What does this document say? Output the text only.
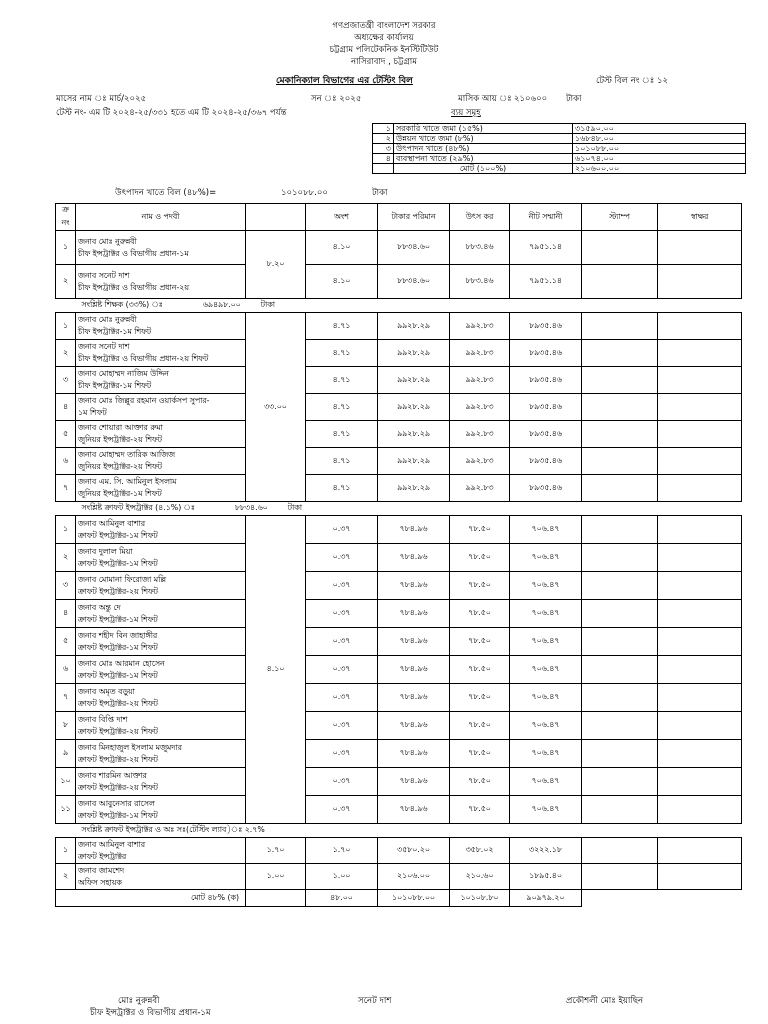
গণপ্রজাতন্ত্রী বাংলাদেশ সরকার
অধ্যক্ষের কার্যালয়
চট্টগ্রাম পলিটেকনিক ইনস্টিটিউট
নাসিরাবাদ , চট্টগ্রাম
মেকানিক্যাল বিভাগের এর টেস্টিং বিল	টেস্ট বিল নং ঃ ১২
মাসের নাম ঃ মার্চ/২০২৫	সন ঃ ২০২৫	মাসিক আয় ঃ ২১০৬০০ টাকা
টেস্ট নং- এম টি ২০২৪-২৫/৩৩১ হতে এম টি ২০২৪-২৫/৩৬৭ পর্যন্ত	ব্যয় সমূহ
১	সরকারি খাতে জমা (১৫%)	৩১৫৯০.০০
২	উন্নয়ন খাতে জমা (৮%)	১৬৮৪৮.০০
৩	উৎপাদন খাতে (৪৮%)	১০১০৮৮.০০
৪	ব্যবস্থাপনা খাতে (২৯%)	৬১০৭৪.০০
	মোট (১০০%)	২১০৬০০.০০
উৎপাদন খাতে বিল (৪৮%)=	১০১০৮৮.০০	টাকা
ক্র নং	নাম ও পদবী		অংশ	টাকার পরিমান	উৎস কর	নীট সম্মানী	স্ট্যাম্প	স্বাক্ষর
১	জনাব মোঃ নুরুন্নবী
চীফ ইন্সট্রাক্টর ও বিভাগীয় প্রধান-১ম	৮.২০	৪.১০	৮৮৩৪.৬০	৮৮৩.৪৬	৭৯৫১.১৪		
২	জনাব সনেট দাশ
চীফ ইন্সট্রাক্টর ও বিভাগীয় প্রধান-২য়		৪.১০	৮৮৩৪.৬০	৮৮৩.৪৬	৭৯৫১.১৪		
সংশ্লিষ্ট শিক্ষক (৩৩%) ঃ ৬৯৪৯৮.০০ টাকা								
১	জনাব মোঃ নুরুন্নবী
চীফ ইন্সট্রাক্টর-১ম শিফট	৩৩.০০	৪.৭১	৯৯২৮.২৯	৯৯২.৮৩	৮৯৩৫.৪৬		
২	জনাব সনেট দাশ
চীফ ইন্সট্রাক্টর ও বিভাগীয় প্রধান-২য় শিফট		৪.৭১	৯৯২৮.২৯	৯৯২.৮৩	৮৯৩৫.৪৬		
৩	জনাব মোহাম্মদ নাজিম উদ্দিন
চীফ ইন্সট্রাক্টর-১ম শিফট		৪.৭১	৯৯২৮.২৯	৯৯২.৮৩	৮৯৩৫.৪৬		
৪	জনাব মোঃ জিল্লুর রহমান ওয়ার্কসপ সুপার-
১ম শিফট		৪.৭১	৯৯২৮.২৯	৯৯২.৮৩	৮৯৩৫.৪৬		
৫	জনাব শোয়ারা আক্তার রুমা
জুনিয়র ইন্সট্রাক্টর-২য় শিফট		৪.৭১	৯৯২৮.২৯	৯৯২.৮৩	৮৯৩৫.৪৬		
৬	জনাব মোহাম্মদ তারিক আজিজ
জুনিয়র ইন্সট্রাক্টর-২য় শিফট		৪.৭১	৯৯২৮.২৯	৯৯২.৮৩	৮৯৩৫.৪৬		
৭	জনাব এম. সি. আমিনুল ইসলাম
জুনিয়র ইন্সট্রাক্টর-১ম শিফট		৪.৭১	৯৯২৮.২৯	৯৯২.৮৩	৮৯৩৫.৪৬		
সংশ্লিষ্ট ক্রাফট ইন্সট্রাক্টর (৪.১%) ঃ ৮৮৩৪.৬০ টাকা								
১	জনাব আমিনুল বাশার
ক্রাফট ইন্সট্রাক্টর-১ম শিফট	৪.১০	০.৩৭	৭৮৪.৯৬	৭৮.৫০	৭০৬.৪৭		
২	জনাব দুলাল মিয়া
ক্রাফট ইন্সট্রাক্টর-১ম শিফট		০.৩৭	৭৮৪.৯৬	৭৮.৫০	৭০৬.৪৭		
৩	জনাব মোমানা ফিরোজা মল্লি
ক্রাফট ইন্সট্রাক্টর-২য় শিফট		০.৩৭	৭৮৪.৯৬	৭৮.৫০	৭০৬.৪৭		
৪	জনাব অন্তু দে
ক্রাফট ইন্সট্রাক্টর-১ম শিফট		০.৩৭	৭৮৪.৯৬	৭৮.৫০	৭০৬.৪৭		
৫	জনাব শহীদ বিন জাহাঙ্গীর
ক্রাফট ইন্সট্রাক্টর-১ম শিফট		০.৩৭	৭৮৪.৯৬	৭৮.৫০	৭০৬.৪৭		
৬	জনাব মোঃ আরমান হোসেন
ক্রাফট ইন্সট্রাক্টর-১ম শিফট		০.৩৭	৭৮৪.৯৬	৭৮.৫০	৭০৬.৪৭		
৭	জনাব অমৃত বড়ুয়া
ক্রাফট ইন্সট্রাক্টর-২য় শিফট		০.৩৭	৭৮৪.৯৬	৭৮.৫০	৭০৬.৪৭		
৮	জনাব বিপ্তি দাশ
ক্রাফট ইন্সট্রাক্টর-২য় শিফট		০.৩৭	৭৮৪.৯৬	৭৮.৫০	৭০৬.৪৭		
৯	জনাব মিনহাজুল ইসলাম মজুমদার
ক্রাফট ইন্সট্রাক্টর-২য় শিফট		০.৩৭	৭৮৪.৯৬	৭৮.৫০	৭০৬.৪৭		
১০	জনাব শারমিন আক্তার
ক্রাফট ইন্সট্রাক্টর-২য় শিফট		০.৩৭	৭৮৪.৯৬	৭৮.৫০	৭০৬.৪৭		
১১	জনাব আবুনেসার রাসেল
ক্রাফট ইন্সট্রাক্টর-১ম শিফট		০.৩৭	৭৮৪.৯৬	৭৮.৫০	৭০৬.৪৭		
সংশ্লিষ্ট ক্রাফট ইন্সট্রাক্টর ও অঃ সঃ(টেস্টিং ল্যাব)ঃ ২.৭%								
১	জনাব আমিনুল বাশার
ক্রাফট ইন্সট্রাক্টর	১.৭০	১.৭০	৩৫৮০.২০	৩৫৮.০২	৩২২২.১৮		
২	জনাব জামশেদ
অফিস সহায়ক	১.০০	১.০০	২১০৬.০০	২১০.৬০	১৮৯৫.৪০		
মোট ৪৮% (ক)			৪৮.০০	১০১০৮৮.০০	১০১০৮.৮০	৯০৯৭৯.২০		
মোঃ নুরুন্নবী
চীফ ইন্সট্রাক্টর ও বিভাগীয় প্রধান-১ম
সনেট দাশ	প্রকৌশলী মোঃ ইয়াছিন
